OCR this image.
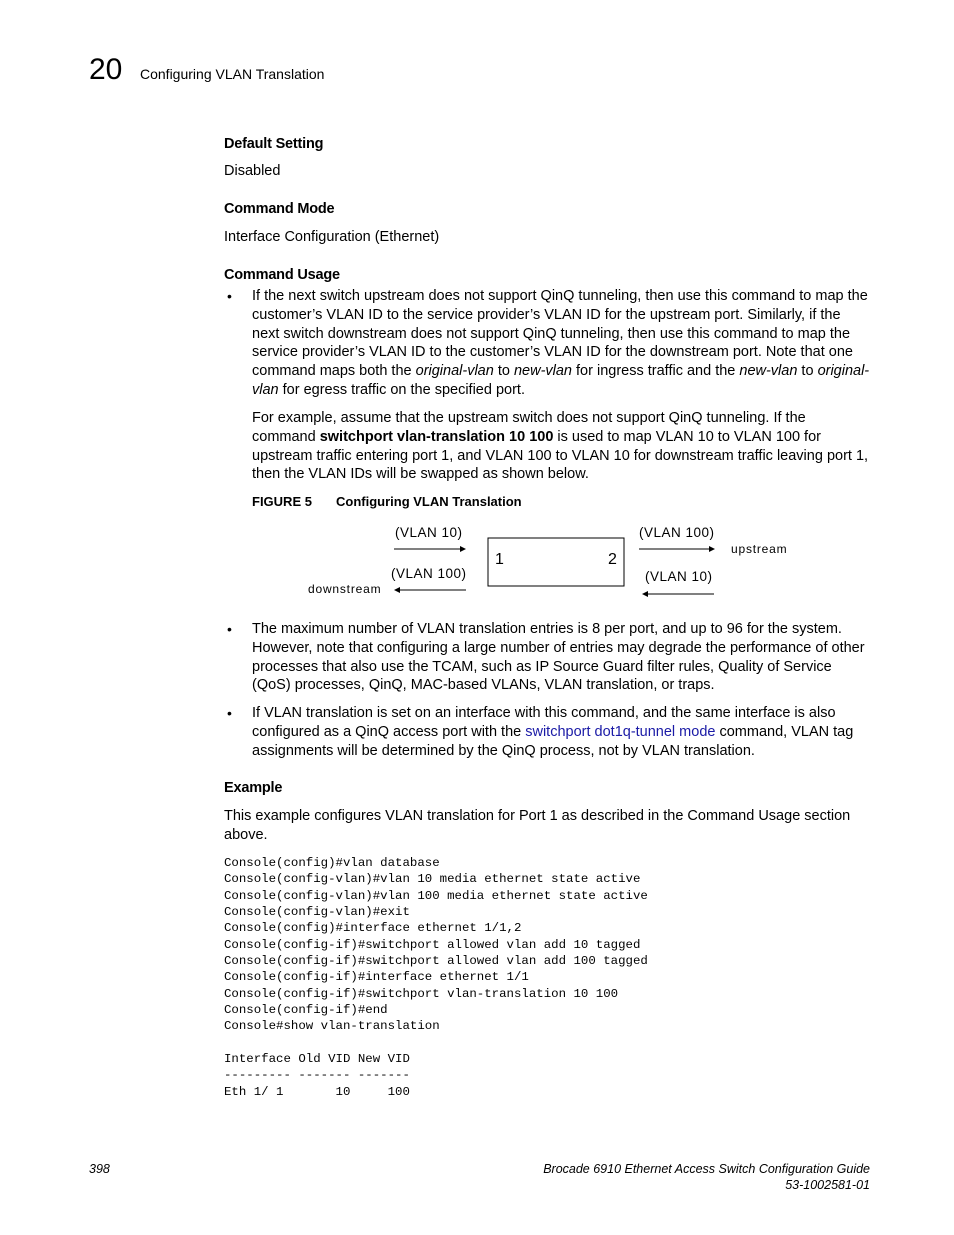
20 Configuring VLAN Translation
Default Setting
Disabled
Command Mode
Interface Configuration (Ethernet)
Command Usage
• If the next switch upstream does not support QinQ tunneling, then use this command to map the customer’s VLAN ID to the service provider’s VLAN ID for the upstream port. Similarly, if the next switch downstream does not support QinQ tunneling, then use this command to map the service provider’s VLAN ID to the customer’s VLAN ID for the downstream port. Note that one command maps both the original-vlan to new-vlan for ingress traffic and the new-vlan to original-vlan for egress traffic on the specified port.
For example, assume that the upstream switch does not support QinQ tunneling. If the command switchport vlan-translation 10 100 is used to map VLAN 10 to VLAN 100 for upstream traffic entering port 1, and VLAN 100 to VLAN 10 for downstream traffic leaving port 1, then the VLAN IDs will be swapped as shown below.
FIGURE 5 Configuring VLAN Translation
(VLAN 10)
(VLAN 100)
(VLAN 100)
(VLAN 10)
1	2
upstream
downstream
• The maximum number of VLAN translation entries is 8 per port, and up to 96 for the system. However, note that configuring a large number of entries may degrade the performance of other processes that also use the TCAM, such as IP Source Guard filter rules, Quality of Service (QoS) processes, QinQ, MAC-based VLANs, VLAN translation, or traps.
• If VLAN translation is set on an interface with this command, and the same interface is also configured as a QinQ access port with the switchport dot1q-tunnel mode command, VLAN tag assignments will be determined by the QinQ process, not by VLAN translation.
Example
This example configures VLAN translation for Port 1 as described in the Command Usage section above.
Console(config)#vlan database
Console(config-vlan)#vlan 10 media ethernet state active
Console(config-vlan)#vlan 100 media ethernet state active
Console(config-vlan)#exit
Console(config)#interface ethernet 1/1,2
Console(config-if)#switchport allowed vlan add 10 tagged
Console(config-if)#switchport allowed vlan add 100 tagged
Console(config-if)#interface ethernet 1/1
Console(config-if)#switchport vlan-translation 10 100
Console(config-if)#end
Console#show vlan-translation

Interface Old VID New VID
--------- ------- -------
Eth 1/ 1       10     100
398	Brocade 6910 Ethernet Access Switch Configuration Guide
53-1002581-01
